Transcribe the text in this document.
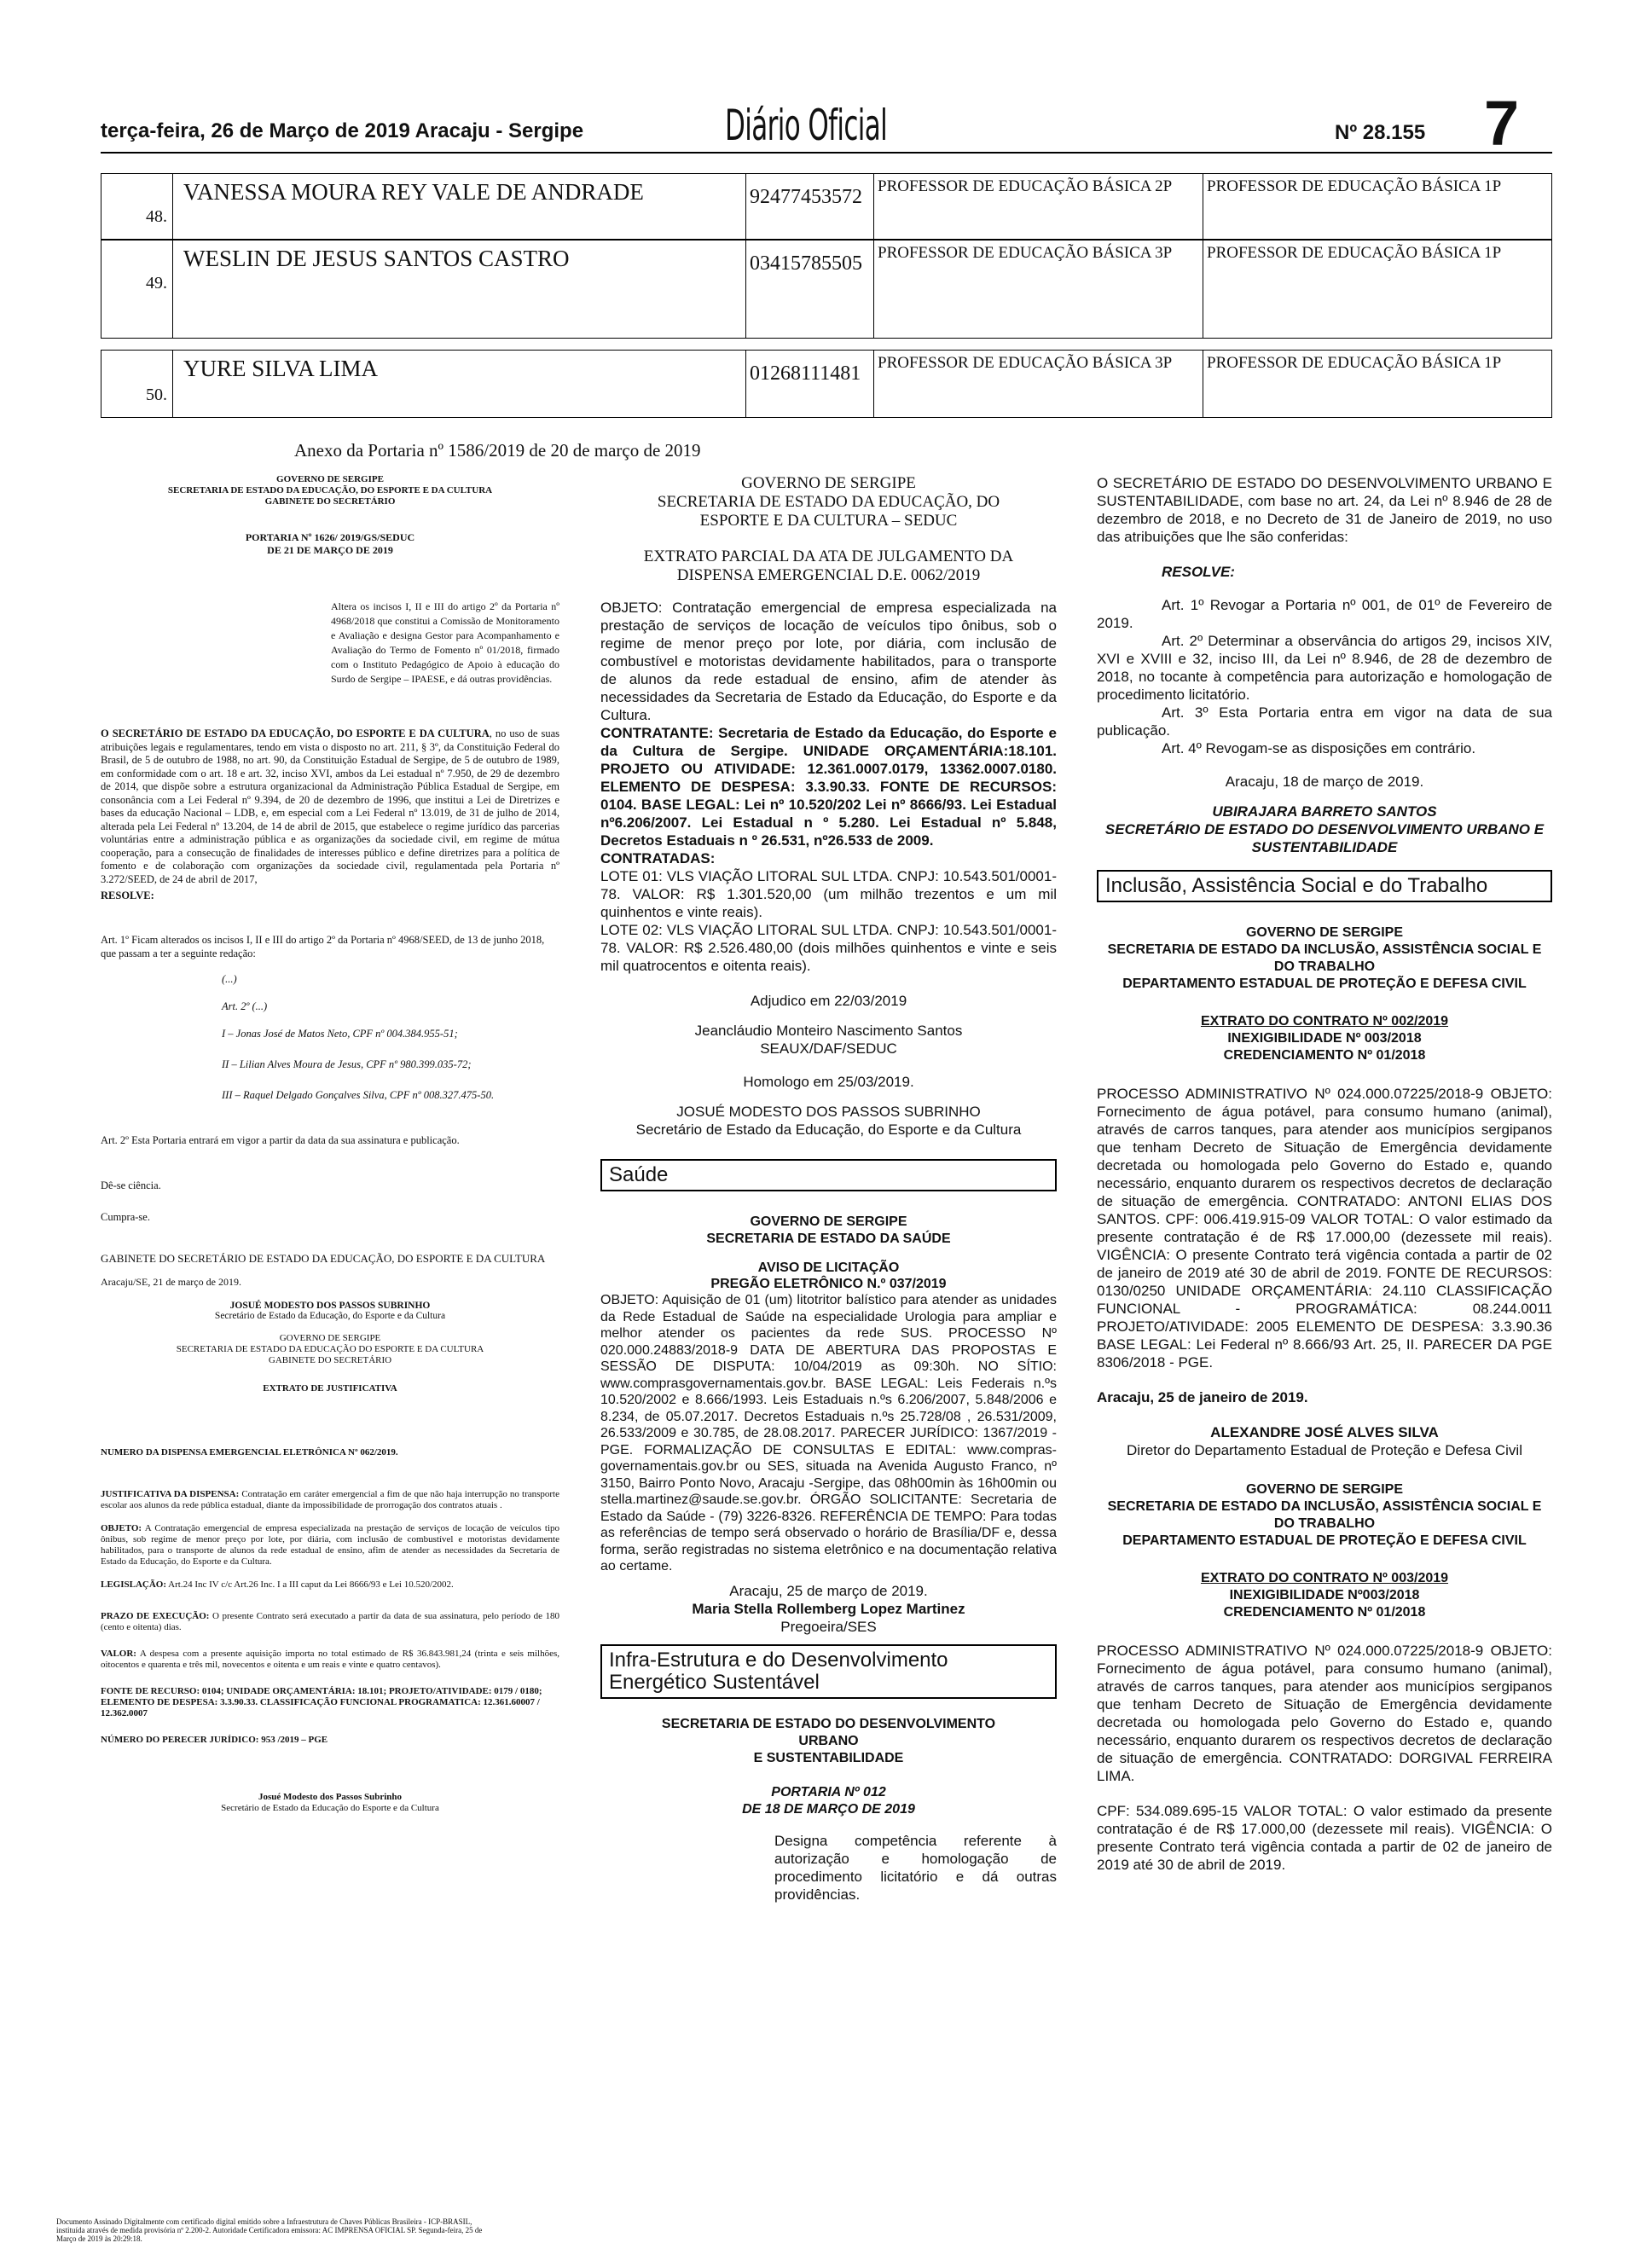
terça-feira, 26 de Março de 2019 Aracaju - Sergipe	Diário Oficial	Nº 28.155 7
48.
VANESSA MOURA REY VALE DE ANDRADE	92477453572 PROFESSOR DE EDUCAÇÃO BÁSICA 2P	PROFESSOR DE EDUCAÇÃO BÁSICA 1P
49.
WESLIN DE JESUS SANTOS CASTRO	03415785505 PROFESSOR DE EDUCAÇÃO BÁSICA 3P	PROFESSOR DE EDUCAÇÃO BÁSICA 1P
50.
YURE SILVA LIMA	01268111481	PROFESSOR DE EDUCAÇÃO BÁSICA 3P	PROFESSOR DE EDUCAÇÃO BÁSICA 1P
Anexo da Portaria nº 1586/2019 de 20 de março de 2019

GOVERNO DE SERGIPE

SECRETARIA DE ESTADO DA EDUCAÇÃO, DO ESPORTE E DA CULTURA

GABINETE DO SECRETÁRIO

PORTARIA Nº 1626/ 2019/GS/SEDUC

DE 21 DE MARÇO DE 2019

Altera os incisos I, II e III do artigo 2º da Portaria nº 4968/2018 que constitui a Comissão de Monitoramento e Avaliação e designa Gestor para Acompanhamento e Avaliação do Termo de Fomento nº 01/2018, firmado com o Instituto Pedagógico de Apoio à educação do Surdo de Sergipe – IPAESE, e dá outras providências.

O SECRETÁRIO DE ESTADO DA EDUCAÇÃO, DO ESPORTE E DA CULTURA, no uso de suas atribuições legais e regulamentares, tendo em vista o disposto no art. 211, § 3º, da Constituição Federal do Brasil, de 5 de outubro de 1988, no art. 90, da Constituição Estadual de Sergipe, de 5 de outubro de 1989, em conformidade com o art. 18 e art. 32, inciso XVI, ambos da Lei estadual nº 7.950, de 29 de dezembro de 2014, que dispõe sobre a estrutura organizacional da Administração Pública Estadual de Sergipe, em consonância com a Lei Federal nº 9.394, de 20 de dezembro de 1996, que institui a Lei de Diretrizes e bases da educação Nacional – LDB, e, em especial com a Lei Federal nº 13.019, de 31 de julho de 2014, alterada pela Lei Federal nº 13.204, de 14 de abril de 2015, que estabelece o regime jurídico das parcerias voluntárias entre a administração pública e as organizações da sociedade civil, em regime de mútua cooperação, para a consecução de finalidades de interesses público e define diretrizes para a política de fomento e de colaboração com organizações da sociedade civil, regulamentada pela Portaria nº 3.272/SEED, de 24 de abril de 2017,

RESOLVE:

Art. 1º Ficam alterados os incisos I, II e III do artigo 2º da Portaria nº 4968/SEED, de 13 de junho 2018, que passam a ter a seguinte redação:

(...)

Art. 2º (...)

I – Jonas José de Matos Neto, CPF nº 004.384.955-51;

II – Lilian Alves Moura de Jesus, CPF nº 980.399.035-72;

III – Raquel Delgado Gonçalves Silva, CPF nº 008.327.475-50.

Art. 2º Esta Portaria entrará em vigor a partir da data da sua assinatura e publicação.

Dê-se ciência.

Cumpra-se.

GABINETE DO SECRETÁRIO DE ESTADO DA EDUCAÇÃO, DO ESPORTE E DA CULTURA

Aracaju/SE, 21 de março de 2019.

JOSUÉ MODESTO DOS PASSOS SUBRINHO

Secretário de Estado da Educação, do Esporte e da Cultura

GOVERNO DE SERGIPE

SECRETARIA DE ESTADO DA EDUCAÇÃO DO ESPORTE E DA CULTURA

GABINETE DO SECRETÁRIO

EXTRATO DE JUSTIFICATIVA

NUMERO DA DISPENSA EMERGENCIAL ELETRÔNICA Nº 062/2019.

JUSTIFICATIVA DA DISPENSA: Contratação em caráter emergencial a fim de que não haja interrupção no transporte escolar aos alunos da rede pública estadual, diante da impossibilidade de prorrogação dos contratos atuais .

OBJETO: A Contratação emergencial de empresa especializada na prestação de serviços de locação de veículos tipo ônibus, sob regime de menor preço por lote, por diária, com inclusão de combustível e motoristas devidamente habilitados, para o transporte de alunos da rede estadual de ensino, afim de atender as necessidades da Secretaria de Estado da Educação, do Esporte e da Cultura.

LEGISLAÇÃO: Art.24 Inc IV c/c Art.26 Inc. I a III caput da Lei 8666/93 e Lei 10.520/2002.

PRAZO DE EXECUÇÃO: O presente Contrato será executado a partir da data de sua assinatura, pelo período de 180 (cento e oitenta) dias.

VALOR: A despesa com a presente aquisição importa no total estimado de R$ 36.843.981,24 (trinta e seis milhões, oitocentos e quarenta e três mil, novecentos e oitenta e um reais e vinte e quatro centavos).

FONTE DE RECURSO: 0104; UNIDADE ORÇAMENTÁRIA: 18.101; PROJETO/ATIVIDADE: 0179 / 0180; ELEMENTO DE DESPESA: 3.3.90.33. CLASSIFICAÇÃO FUNCIONAL PROGRAMATICA: 12.361.60007 / 12.362.0007

NÚMERO DO PERECER JURÍDICO: 953 /2019 – PGE

Josué Modesto dos Passos Subrinho

Secretário de Estado da Educação do Esporte e da Cultura

GOVERNO DE SERGIPE

SECRETARIA DE ESTADO DA EDUCAÇÃO, DO

ESPORTE E DA CULTURA – SEDUC

EXTRATO PARCIAL DA ATA DE JULGAMENTO DA

DISPENSA EMERGENCIAL D.E. 0062/2019

OBJETO: Contratação emergencial de empresa especializada na prestação de serviços de locação de veículos tipo ônibus, sob o regime de menor preço por lote, por diária, com inclusão de combustível e motoristas devidamente habilitados, para o transporte de alunos da rede estadual de ensino, afim de atender às necessidades da Secretaria de Estado da Educação, do Esporte e da Cultura.

CONTRATANTE: Secretaria de Estado da Educação, do Esporte e da Cultura de Sergipe. UNIDADE ORÇAMENTÁRIA:18.101. PROJETO OU ATIVIDADE: 12.361.0007.0179, 13362.0007.0180. ELEMENTO DE DESPESA: 3.3.90.33. FONTE DE RECURSOS: 0104. BASE LEGAL: Lei nº 10.520/202 Lei nº 8666/93. Lei Estadual nº6.206/2007. Lei Estadual n º 5.280. Lei Estadual nº 5.848, Decretos Estaduais n º 26.531, nº26.533 de 2009.

CONTRATADAS:

LOTE 01: VLS VIAÇÃO LITORAL SUL LTDA. CNPJ: 10.543.501/0001-78. VALOR: R$ 1.301.520,00 (um milhão trezentos e um mil quinhentos e vinte reais).

LOTE 02: VLS VIAÇÃO LITORAL SUL LTDA. CNPJ: 10.543.501/0001-78. VALOR: R$ 2.526.480,00 (dois milhões quinhentos e vinte e seis mil quatrocentos e oitenta reais).

Adjudico em 22/03/2019

Jeancláudio Monteiro Nascimento Santos

SEAUX/DAF/SEDUC

Homologo em 25/03/2019.

JOSUÉ MODESTO DOS PASSOS SUBRINHO

Secretário de Estado da Educação, do Esporte e da Cultura

Saúde

GOVERNO DE SERGIPE

SECRETARIA DE ESTADO DA SAÚDE

AVISO DE LICITAÇÃO

PREGÃO ELETRÔNICO N.º 037/2019

OBJETO: Aquisição de 01 (um) litotritor balístico para atender as unidades da Rede Estadual de Saúde na especialidade Urologia para ampliar e melhor atender os pacientes da rede SUS. PROCESSO Nº 020.000.24883/2018-9 DATA DE ABERTURA DAS PROPOSTAS E SESSÃO DE DISPUTA: 10/04/2019 as 09:30h. NO SÍTIO: www.comprasgovernamentais.gov.br. BASE LEGAL: Leis Federais n.ºs 10.520/2002 e 8.666/1993. Leis Estaduais n.ºs 6.206/2007, 5.848/2006 e 8.234, de 05.07.2017. Decretos Estaduais n.ºs 25.728/08 , 26.531/2009, 26.533/2009 e 30.785, de 28.08.2017. PARECER JURÍDICO: 1367/2019 - PGE. FORMALIZAÇÃO DE CONSULTAS E EDITAL: www.compras-governamentais.gov.br ou SES, situada na Avenida Augusto Franco, nº 3150, Bairro Ponto Novo, Aracaju -Sergipe, das 08h00min às 16h00min ou stella.martinez@saude.se.gov.br. ÓRGÃO SOLICITANTE: Secretaria de Estado da Saúde - (79) 3226-8326. REFERÊNCIA DE TEMPO: Para todas as referências de tempo será observado o horário de Brasília/DF e, dessa forma, serão registradas no sistema eletrônico e na documentação relativa ao certame.

Aracaju, 25 de março de 2019.

Maria Stella Rollemberg Lopez Martinez

Pregoeira/SES

Infra-Estrutura e do Desenvolvimento Energético Sustentável

SECRETARIA DE ESTADO DO DESENVOLVIMENTO

URBANO

E SUSTENTABILIDADE

PORTARIA Nº 012

DE 18 DE MARÇO DE 2019

Designa competência referente à autorização e homologação de procedimento licitatório e dá outras providências.

O SECRETÁRIO DE ESTADO DO DESENVOLVIMENTO URBANO E SUSTENTABILIDADE, com base no art. 24, da Lei nº 8.946 de 28 de dezembro de 2018, e no Decreto de 31 de Janeiro de 2019, no uso das atribuições que lhe são conferidas:

RESOLVE:

Art. 1º Revogar a Portaria nº 001, de 01º de Fevereiro de 2019.

Art. 2º Determinar a observância do artigos 29, incisos XIV, XVI e XVIII e 32, inciso III, da Lei nº 8.946, de 28 de dezembro de 2018, no tocante à competência para autorização e homologação de procedimento licitatório.

Art. 3º Esta Portaria entra em vigor na data de sua publicação.

Art. 4º Revogam-se as disposições em contrário.

Aracaju, 18 de março de 2019.

UBIRAJARA BARRETO SANTOS

SECRETÁRIO DE ESTADO DO DESENVOLVIMENTO URBANO E SUSTENTABILIDADE

Inclusão, Assistência Social e do Trabalho

GOVERNO DE SERGIPE

SECRETARIA DE ESTADO DA INCLUSÃO, ASSISTÊNCIA SOCIAL E DO TRABALHO

DEPARTAMENTO ESTADUAL DE PROTEÇÃO E DEFESA CIVIL

EXTRATO DO CONTRATO Nº 002/2019

INEXIGIBILIDADE Nº 003/2018

CREDENCIAMENTO Nº 01/2018

PROCESSO ADMINISTRATIVO Nº 024.000.07225/2018-9 OBJETO: Fornecimento de água potável, para consumo humano (animal), através de carros tanques, para atender aos municípios sergipanos que tenham Decreto de Situação de Emergência devidamente decretada ou homologada pelo Governo do Estado e, quando necessário, enquanto durarem os respectivos decretos de declaração de situação de emergência. CONTRATADO: ANTONI ELIAS DOS SANTOS. CPF: 006.419.915-09 VALOR TOTAL: O valor estimado da presente contratação é de R$ 17.000,00 (dezessete mil reais). VIGÊNCIA: O presente Contrato terá vigência contada a partir de 02 de janeiro de 2019 até 30 de abril de 2019. FONTE DE RECURSOS: 0130/0250 UNIDADE ORÇAMENTÁRIA: 24.110 CLASSIFICAÇÃO FUNCIONAL - PROGRAMÁTICA: 08.244.0011 PROJETO/ATIVIDADE: 2005 ELEMENTO DE DESPESA: 3.3.90.36 BASE LEGAL: Lei Federal nº 8.666/93 Art. 25, II. PARECER DA PGE 8306/2018 - PGE.

Aracaju, 25 de janeiro de 2019.

ALEXANDRE JOSÉ ALVES SILVA

Diretor do Departamento Estadual de Proteção e Defesa Civil

GOVERNO DE SERGIPE

SECRETARIA DE ESTADO DA INCLUSÃO, ASSISTÊNCIA SOCIAL E DO TRABALHO

DEPARTAMENTO ESTADUAL DE PROTEÇÃO E DEFESA CIVIL

EXTRATO DO CONTRATO Nº 003/2019

INEXIGIBILIDADE Nº003/2018

CREDENCIAMENTO Nº 01/2018

PROCESSO ADMINISTRATIVO Nº 024.000.07225/2018-9 OBJETO: Fornecimento de água potável, para consumo humano (animal), através de carros tanques, para atender aos municípios sergipanos que tenham Decreto de Situação de Emergência devidamente decretada ou homologada pelo Governo do Estado e, quando necessário, enquanto durarem os respectivos decretos de declaração de situação de emergência. CONTRATADO: DORGIVAL FERREIRA LIMA.

CPF: 534.089.695-15 VALOR TOTAL: O valor estimado da presente contratação é de R$ 17.000,00 (dezessete mil reais). VIGÊNCIA: O presente Contrato terá vigência contada a partir de 02 de janeiro de 2019 até 30 de abril de 2019.

Documento Assinado Digitalmente com certificado digital emitido sobre a Infraestrutura de Chaves Públicas Brasileira - ICP-BRASIL, instituída através de medida provisória nº 2.200-2. Autoridade Certificadora emissora: AC IMPRENSA OFICIAL SP. Segunda-feira, 25 de Março de 2019 às 20:29:18.
